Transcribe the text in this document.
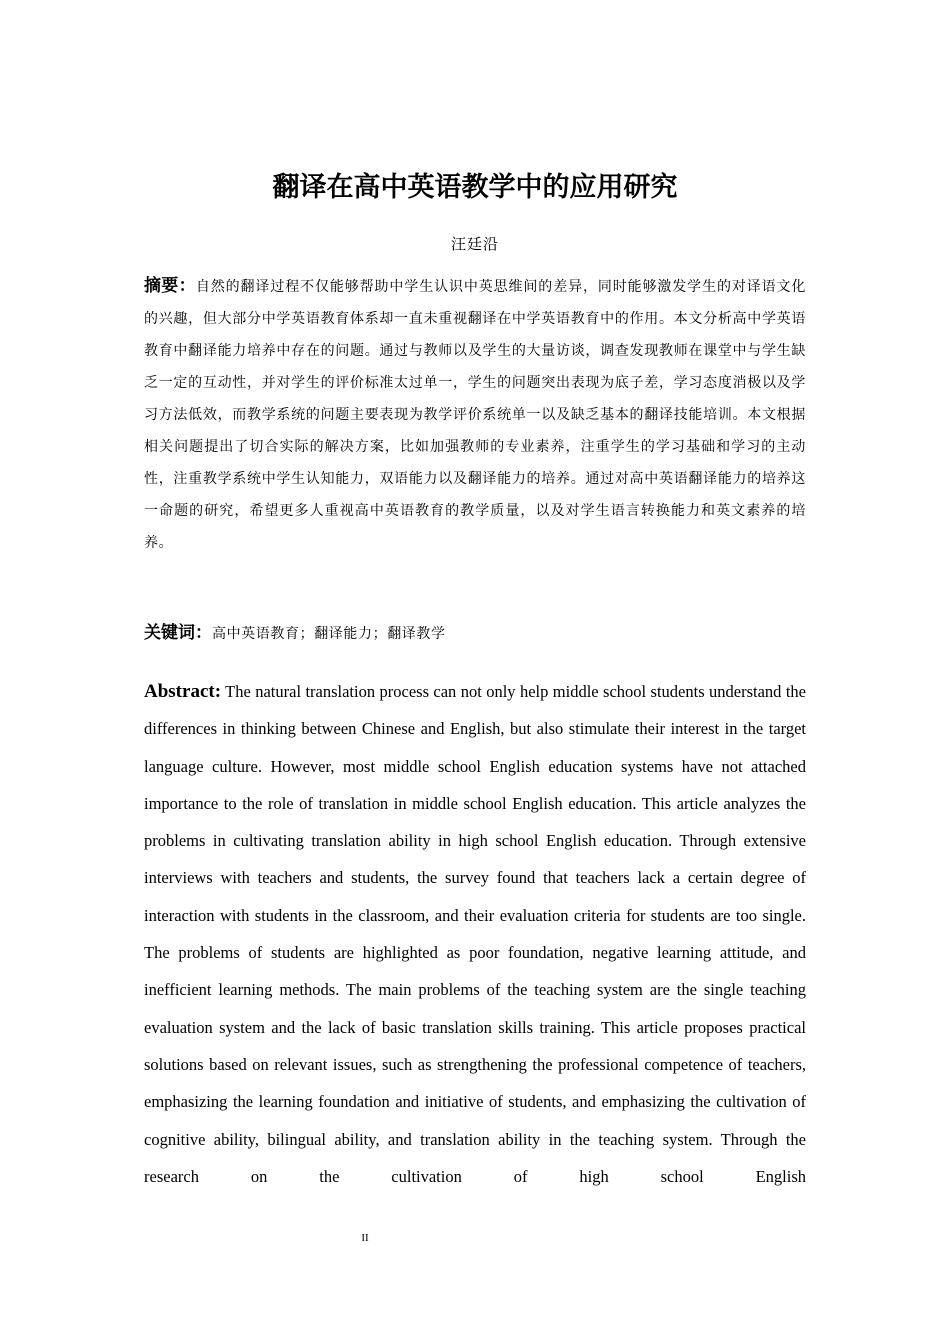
翻译在高中英语教学中的应用研究
汪廷沿
摘要：自然的翻译过程不仅能够帮助中学生认识中英思维间的差异，同时能够激发学生的对译语文化的兴趣，但大部分中学英语教育体系却一直未重视翻译在中学英语教育中的作用。本文分析高中学英语教育中翻译能力培养中存在的问题。通过与教师以及学生的大量访谈，调查发现教师在课堂中与学生缺乏一定的互动性，并对学生的评价标准太过单一，学生的问题突出表现为底子差，学习态度消极以及学习方法低效，而教学系统的问题主要表现为教学评价系统单一以及缺乏基本的翻译技能培训。本文根据相关问题提出了切合实际的解决方案，比如加强教师的专业素养，注重学生的学习基础和学习的主动性，注重教学系统中学生认知能力，双语能力以及翻译能力的培养。通过对高中英语翻译能力的培养这一命题的研究，希望更多人重视高中英语教育的教学质量，以及对学生语言转换能力和英文素养的培养。
关键词：高中英语教育；翻译能力；翻译教学
Abstract: The natural translation process can not only help middle school students understand the differences in thinking between Chinese and English, but also stimulate their interest in the target language culture. However, most middle school English education systems have not attached importance to the role of translation in middle school English education. This article analyzes the problems in cultivating translation ability in high school English education. Through extensive interviews with teachers and students, the survey found that teachers lack a certain degree of interaction with students in the classroom, and their evaluation criteria for students are too single. The problems of students are highlighted as poor foundation, negative learning attitude, and inefficient learning methods. The main problems of the teaching system are the single teaching evaluation system and the lack of basic translation skills training. This article proposes practical solutions based on relevant issues, such as strengthening the professional competence of teachers, emphasizing the learning foundation and initiative of students, and emphasizing the cultivation of cognitive ability, bilingual ability, and translation ability in the teaching system. Through the research on the cultivation of high school English
II
